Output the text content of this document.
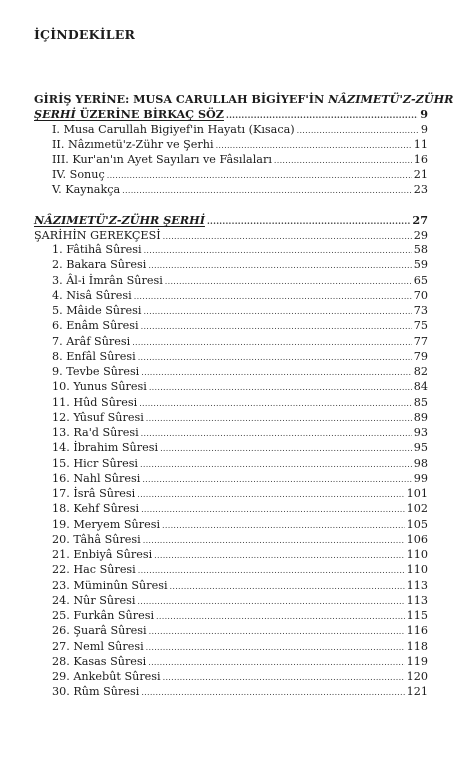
İÇİNDEKİLER
GİRİŞ YERİNE: MUSA CARULLAH BİGİYEF'İN NÂZIMETÜ'Z-ZÜHR
ŞERHİ ÜZERİNE BİRKAÇ SÖZ .....	9
I. Musa Carullah Bigiyef'in Hayatı (Kısaca) .....	9
II. Nâzımetü'z-Zühr ve Şerhi .....	11
III. Kur'an'ın Ayet Sayıları ve Fâsılaları .....	16
IV. Sonuç .....	21
V. Kaynakça .....	23
NÂZIMETÜ'Z-ZÜHR ŞERHİ .....	27
ŞARİHİN GEREKÇESİ .....	29
1. Fâtihâ Sûresi .....	58
2. Bakara Sûresi .....	59
3. Âl-i İmrân Sûresi .....	65
4. Nisâ Sûresi .....	70
5. Mâide Sûresi .....	73
6. Enâm Sûresi .....	75
7. Arâf Sûresi .....	77
8. Enfâl Sûresi .....	79
9. Tevbe Sûresi .....	82
10. Yunus Sûresi .....	84
11. Hûd Sûresi .....	85
12. Yûsuf Sûresi .....	89
13. Ra'd Sûresi .....	93
14. İbrahim Sûresi .....	95
15. Hicr Sûresi .....	98
16. Nahl Sûresi .....	99
17. İsrâ Sûresi .....	101
18. Kehf Sûresi .....	102
19. Meryem Sûresi .....	105
20. Tâhâ Sûresi .....	106
21. Enbiyâ Sûresi .....	110
22. Hac Sûresi .....	110
23. Müminûn Sûresi .....	113
24. Nûr Sûresi .....	113
25. Furkân Sûresi .....	115
26. Şuarâ Sûresi .....	116
27. Neml Sûresi .....	118
28. Kasas Sûresi .....	119
29. Ankebût Sûresi .....	120
30. Rûm Sûresi .....	121
